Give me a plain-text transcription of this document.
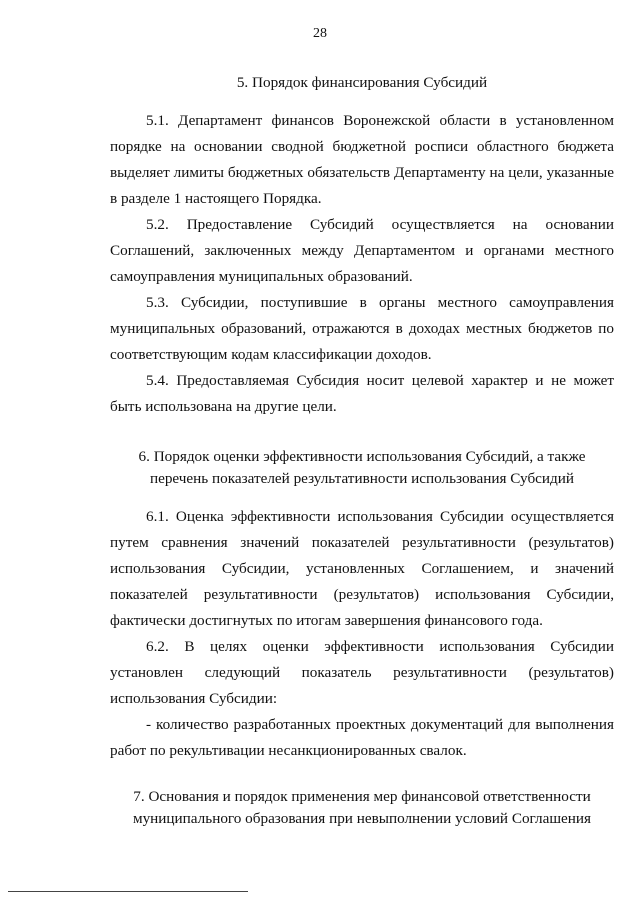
28

5. Порядок финансирования Субсидий

5.1. Департамент финансов Воронежской области в установленном порядке на основании сводной бюджетной росписи областного бюджета выделяет лимиты бюджетных обязательств Департаменту на цели, указанные в разделе 1 настоящего Порядка.

5.2. Предоставление Субсидий осуществляется на основании Соглашений, заключенных между Департаментом и органами местного самоуправления муниципальных образований.

5.3. Субсидии, поступившие в органы местного самоуправления муниципальных образований, отражаются в доходах местных бюджетов по соответствующим кодам классификации доходов.

5.4. Предоставляемая Субсидия носит целевой характер и не может быть использована на другие цели.

6. Порядок оценки эффективности использования Субсидий, а также
перечень показателей результативности использования Субсидий

6.1. Оценка эффективности использования Субсидии осуществляется путем сравнения значений показателей результативности (результатов) использования Субсидии, установленных Соглашением, и значений показателей результативности (результатов) использования Субсидии, фактически достигнутых по итогам завершения финансового года.

6.2. В целях оценки эффективности использования Субсидии установлен следующий показатель результативности (результатов) использования Субсидии:

- количество разработанных проектных документаций для выполнения работ по рекультивации несанкционированных свалок.

7. Основания и порядок применения мер финансовой ответственности
муниципального образования при невыполнении условий Соглашения
